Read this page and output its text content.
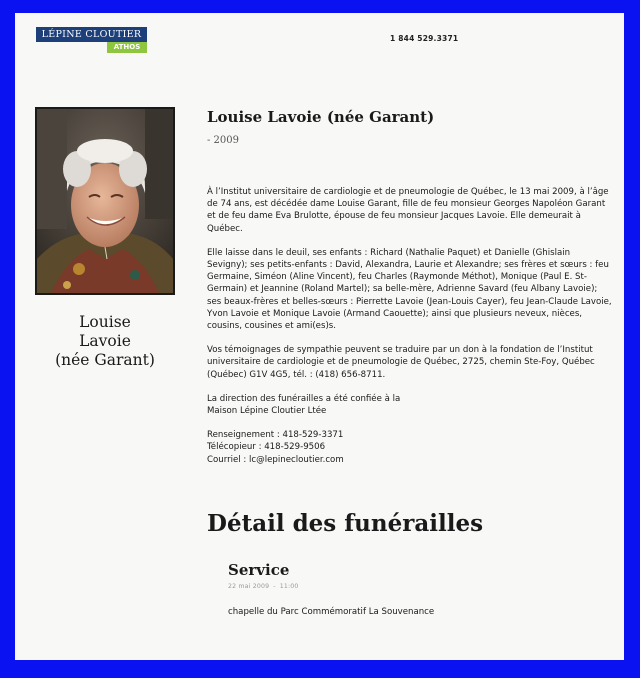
LÉPINE CLOUTIER
ATHOS
1 844 529.3371
Louise
Lavoie
(née Garant)
Louise Lavoie (née Garant)
- 2009

À l’Institut universitaire de cardiologie et de pneumologie de Québec, le 13 mai 2009, à l’âge de 74 ans, est décédée dame Louise Garant, fille de feu monsieur Georges Napoléon Garant et de feu dame Eva Brulotte, épouse de feu monsieur Jacques Lavoie. Elle demeurait à Québec.

Elle laisse dans le deuil, ses enfants : Richard (Nathalie Paquet) et Danielle (Ghislain Sevigny); ses petits-enfants : David, Alexandra, Laurie et Alexandre; ses frères et sœurs : feu Germaine, Siméon (Aline Vincent), feu Charles (Raymonde Méthot), Monique (Paul E. St-Germain) et Jeannine (Roland Martel); sa belle-mère, Adrienne Savard (feu Albany Lavoie); ses beaux-frères et belles-sœurs : Pierrette Lavoie (Jean-Louis Cayer), feu Jean-Claude Lavoie, Yvon Lavoie et Monique Lavoie (Armand Caouette); ainsi que plusieurs neveux, nièces, cousins, cousines et ami(es)s.

Vos témoignages de sympathie peuvent se traduire par un don à la fondation de l’Institut universitaire de cardiologie et de pneumologie de Québec, 2725, chemin Ste-Foy, Québec (Québec) G1V 4G5, tél. : (418) 656-8711.

La direction des funérailles a été confiée à la
Maison Lépine Cloutier Ltée

Renseignement : 418-529-3371
Télécopieur : 418-529-9506
Courriel : lc@lepinecloutier.com

Détail des funérailles
Service
22 mai 2009 - 11:00
chapelle du Parc Commémoratif La Souvenance
